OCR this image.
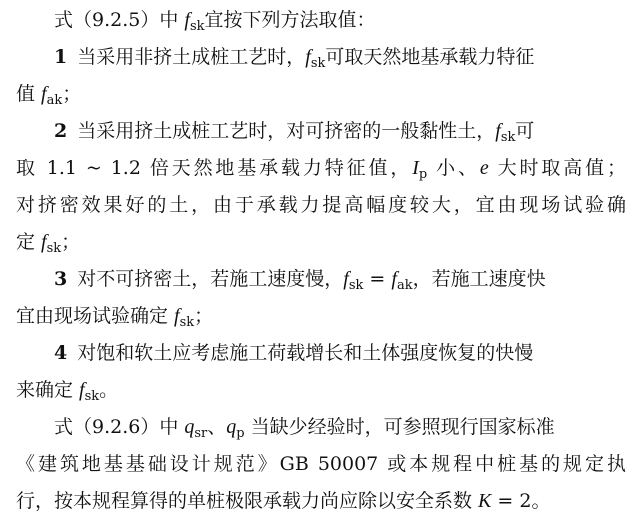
式（9.2.5）中 $f_{sk}$宜按下列方法取值：
1 当采用非挤土成桩工艺时，$f_{sk}$可取天然地基承载力特征
值 $f_{ak}$；
2 当采用挤土成桩工艺时，对可挤密的一般黏性土，$f_{sk}$可
取 1.1 ~ 1.2 倍天然地基承载力特征值，$I_p$ 小、e 大时取高值；
对挤密效果好的土，由于承载力提高幅度较大，宜由现场试验确
定 $f_{sk}$；
3 对不可挤密土，若施工速度慢，$f_{sk} = f_{ak}$，若施工速度快
宜由现场试验确定 $f_{sk}$；
4 对饱和软土应考虑施工荷载增长和土体强度恢复的快慢
来确定 $f_{sk}$。
式（9.2.6）中 $q_{sr}$、$q_p$ 当缺少经验时，可参照现行国家标准
《建筑地基基础设计规范》GB 50007 或本规程中桩基的规定执
行，按本规程算得的单桩极限承载力尚应除以安全系数 K = 2。
